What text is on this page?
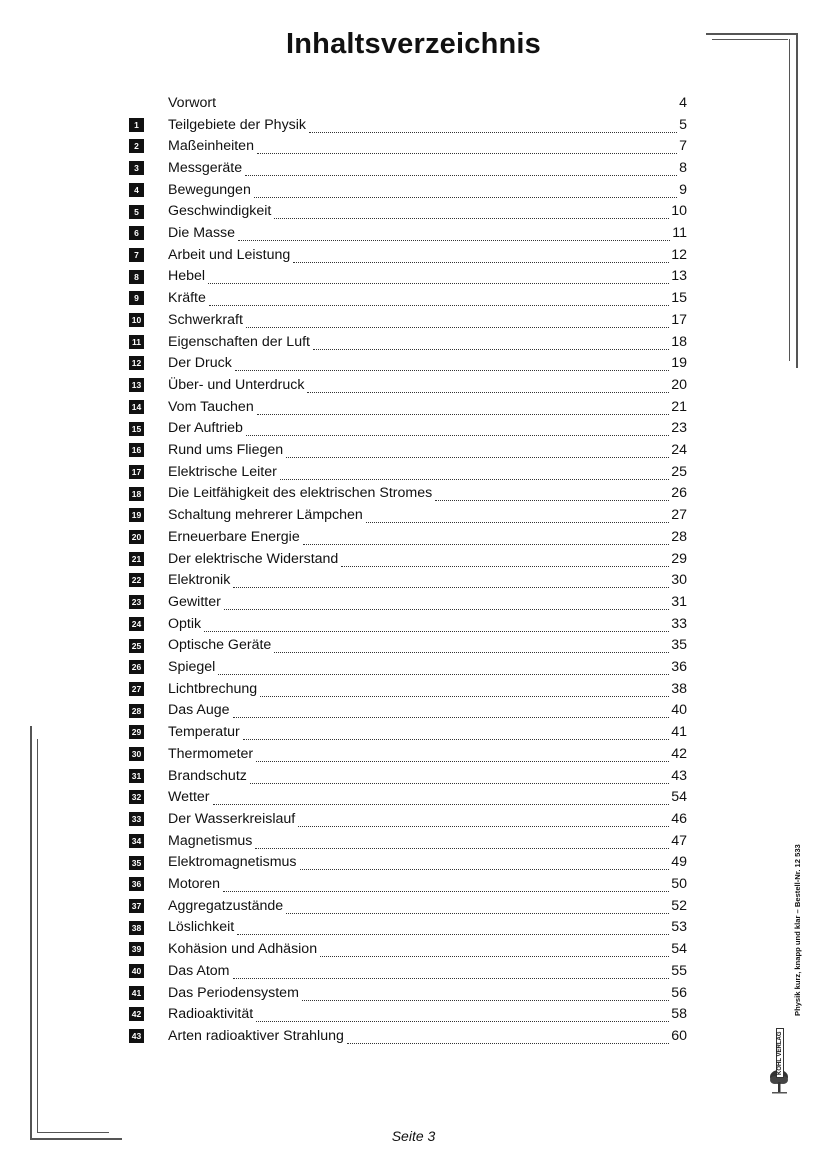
Inhaltsverzeichnis
Vorwort	4
1	Teilgebiete der Physik	5
2	Maßeinheiten	7
3	Messgeräte	8
4	Bewegungen	9
5	Geschwindigkeit	10
6	Die Masse	11
7	Arbeit und Leistung	12
8	Hebel	13
9	Kräfte	15
10 Schwerkraft	17
11 Eigenschaften der Luft	18
12 Der Druck	19
13 Über- und Unterdruck	20
14 Vom Tauchen	21
15 Der Auftrieb	23
16 Rund ums Fliegen	24
17 Elektrische Leiter	25
18 Die Leitfähigkeit des elektrischen Stromes	26
19 Schaltung mehrerer Lämpchen	27
20 Erneuerbare Energie	28
21 Der elektrische Widerstand	29
22 Elektronik	30
23 Gewitter	31
24 Optik	33
25 Optische Geräte	35
26 Spiegel	36
27 Lichtbrechung	38
28 Das Auge	40
29 Temperatur	41
30 Thermometer	42
31 Brandschutz	43
32 Wetter	54
33 Der Wasserkreislauf	46
34 Magnetismus	47
35 Elektromagnetismus	49
36 Motoren	50
37 Aggregatzustände	52
38 Löslichkeit	53
39 Kohäsion und Adhäsion	54
40 Das Atom	55
41 Das Periodensystem	56
42 Radioaktivität	58
43 Arten radioaktiver Strahlung	60
Physik kurz, knapp und klar – Bestell-Nr. 12 533
KOHL VERLAG
Seite 3
